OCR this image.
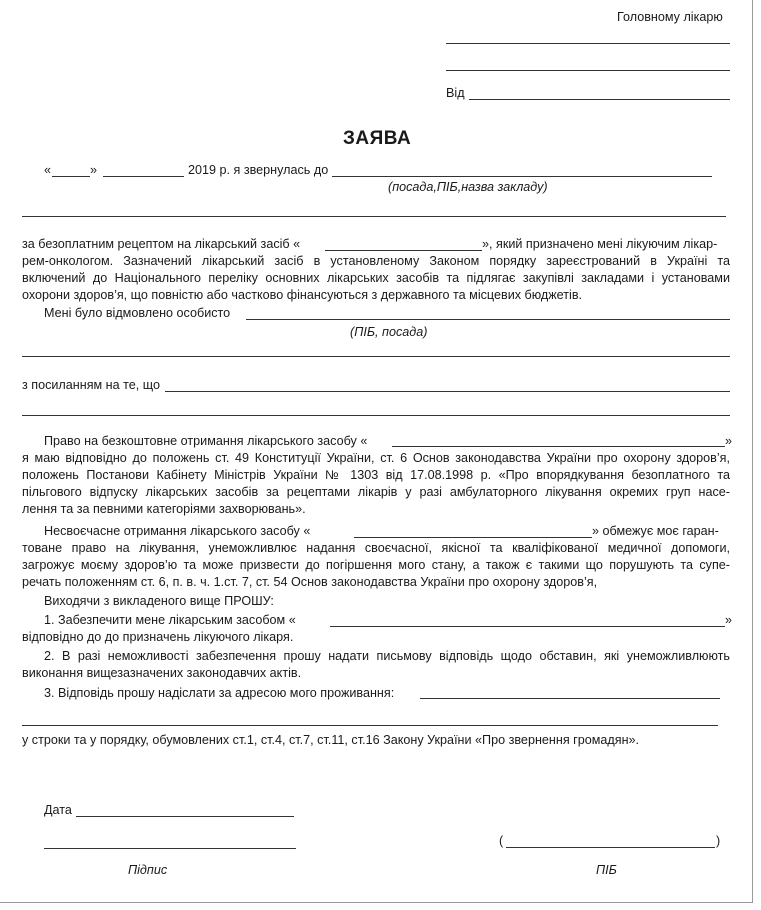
Головному лікарю
Від
ЗАЯВА
«	»	2019 р. я звернулась до
(посада,ПІБ,назва закладу)
за безоплатним рецептом на лікарський засіб «	», який призначено мені лікуючим лікар-
рем-онкологом. Зазначений лікарський засіб в установленому Законом порядку зареєстрований в Україні та
включений до Національного переліку основних лікарських засобів та підлягає закупівлі закладами і установами
охорони здоров’я, що повністю або частково фінансуються з державного та місцевих бюджетів.
Мені було відмовлено особисто
(ПІБ, посада)
з посиланням на те, що
Право на безкоштовне отримання лікарського засобу «	»
я маю відповідно до положень ст. 49 Конституції України, ст. 6 Основ законодавства України про охорону здоров’я,
положень Постанови Кабінету Міністрів України № 1303 від 17.08.1998 р. «Про впорядкування безоплатного та
пільгового відпуску лікарських засобів за рецептами лікарів у разі амбулаторного лікування окремих груп насе-
лення та за певними категоріями захворювань».
Несвоєчасне отримання лікарського засобу «	» обмежує моє гаран-
товане право на лікування, унеможливлює надання своєчасної, якісної та кваліфікованої медичної допомоги,
загрожує моєму здоров’ю та може призвести до погіршення мого стану, а також є такими що порушують та супе-
речать положенням ст. 6, п. в. ч. 1.ст. 7, ст. 54 Основ законодавства України про охорону здоров’я,
Виходячи з викладеного вище ПРОШУ:
1. Забезпечити мене лікарським засобом «	»
відповідно до до призначень лікуючого лікаря.
2. В разі неможливості забезпечення прошу надати письмову відповідь щодо обставин, які унеможливлюють
виконання вищезазначених законодавчих актів.
3. Відповідь прошу надіслати за адресою мого проживання:
у строки та у порядку, обумовлених ст.1, ст.4, ст.7, ст.11, ст.16 Закону України «Про звернення громадян».
Дата
(	)
Підпис	ПІБ
